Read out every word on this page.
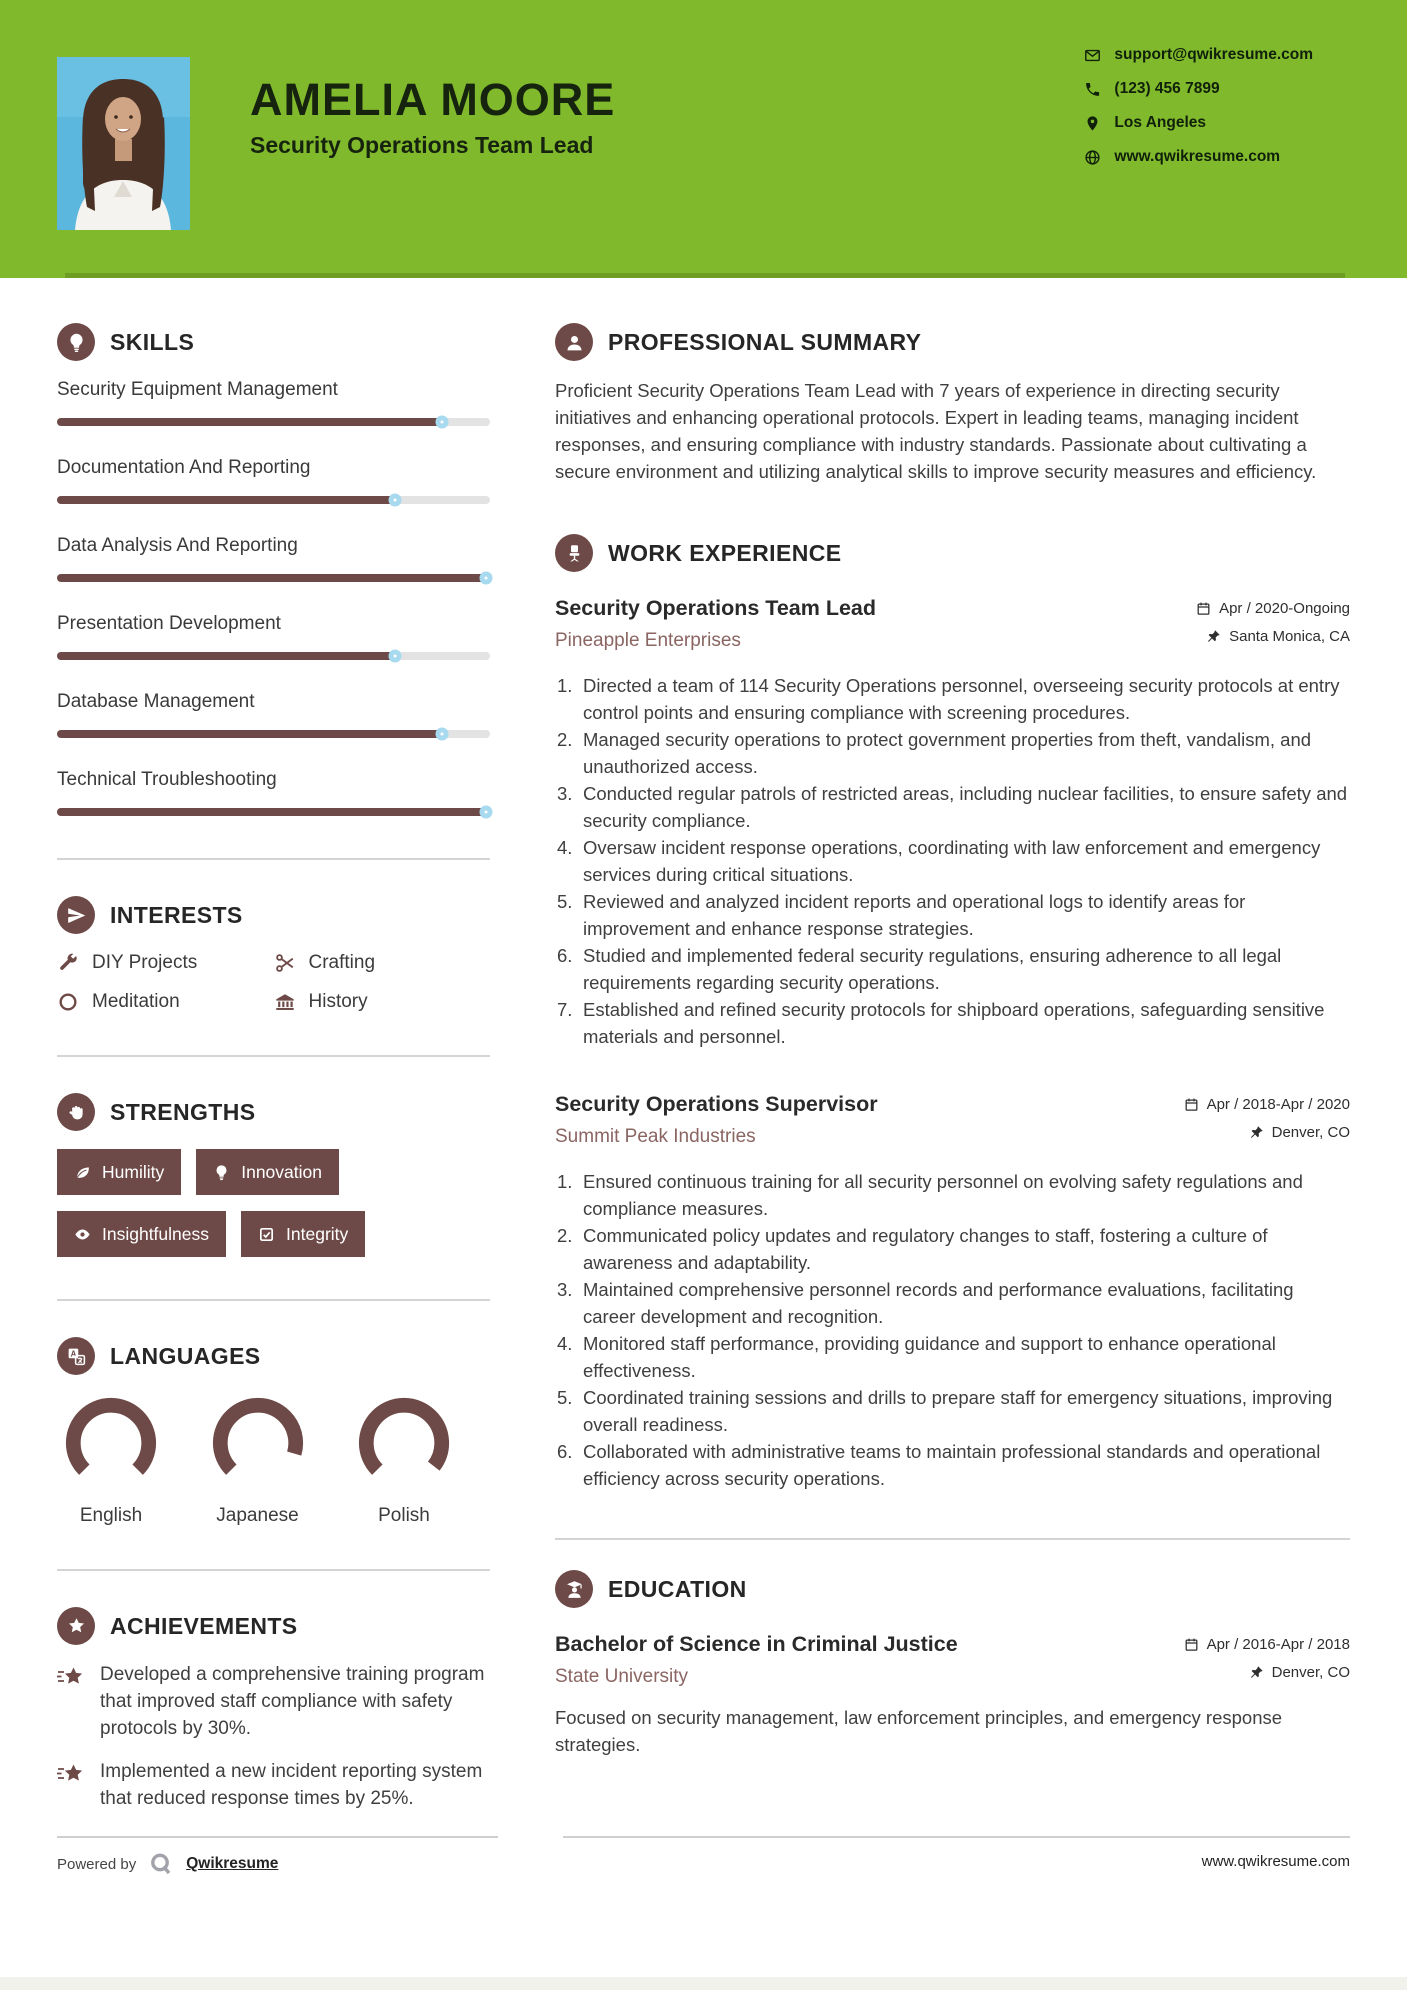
AMELIA MOORE
Security Operations Team Lead
support@qwikresume.com
(123) 456 7899
Los Angeles
www.qwikresume.com
SKILLS
Security Equipment Management
Documentation And Reporting
Data Analysis And Reporting
Presentation Development
Database Management
Technical Troubleshooting
INTERESTS
DIY Projects	Crafting
Meditation	History
STRENGTHS
Humility	Innovation
Insightfulness	Integrity
A LANGUAGES
English	Japanese	Polish
ACHIEVEMENTS
Developed a comprehensive training program that improved staff compliance with safety protocols by 30%.
Implemented a new incident reporting system that reduced response times by 25%.
PROFESSIONAL SUMMARY

Proficient Security Operations Team Lead with 7 years of experience in directing security initiatives and enhancing operational protocols. Expert in leading teams, managing incident responses, and ensuring compliance with industry standards. Passionate about cultivating a secure environment and utilizing analytical skills to improve security measures and efficiency.

WORK EXPERIENCE
Security Operations Team Lead	Apr / 2020-Ongoing
Pineapple Enterprises	Santa Monica, CA
Directed a team of 114 Security Operations personnel, overseeing security protocols at entry control points and ensuring compliance with screening procedures.
Managed security operations to protect government properties from theft, vandalism, and unauthorized access.
Conducted regular patrols of restricted areas, including nuclear facilities, to ensure safety and security compliance.
Oversaw incident response operations, coordinating with law enforcement and emergency services during critical situations.
Reviewed and analyzed incident reports and operational logs to identify areas for improvement and enhance response strategies.
Studied and implemented federal security regulations, ensuring adherence to all legal requirements regarding security operations.
Established and refined security protocols for shipboard operations, safeguarding sensitive materials and personnel.
Security Operations Supervisor	Apr / 2018-Apr / 2020
Summit Peak Industries	Denver, CO
Ensured continuous training for all security personnel on evolving safety regulations and compliance measures.
Communicated policy updates and regulatory changes to staff, fostering a culture of awareness and adaptability.
Maintained comprehensive personnel records and performance evaluations, facilitating career development and recognition.
Monitored staff performance, providing guidance and support to enhance operational effectiveness.
Coordinated training sessions and drills to prepare staff for emergency situations, improving overall readiness.
Collaborated with administrative teams to maintain professional standards and operational efficiency across security operations.
EDUCATION
Bachelor of Science in Criminal Justice	Apr / 2016-Apr / 2018
State University	Denver, CO

Focused on security management, law enforcement principles, and emergency response strategies.

Powered by	Qwikresume	www.qwikresume.com
